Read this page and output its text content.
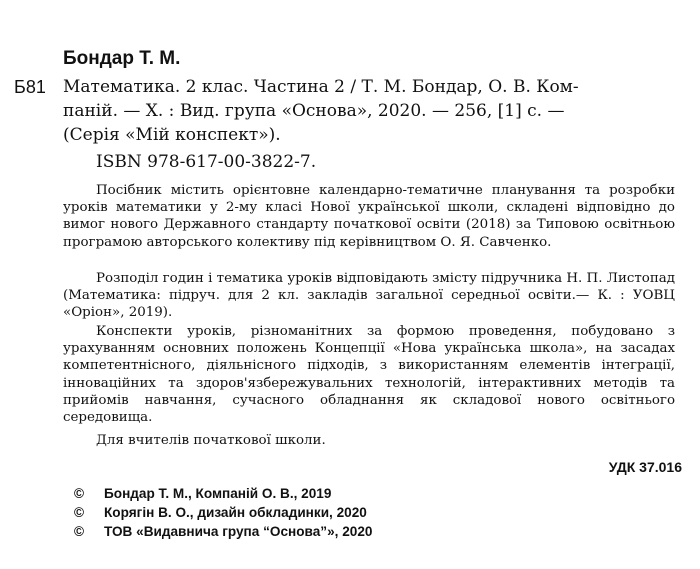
Бондар Т. М.
Б81 Математика. 2 клас. Частина 2 / Т. М. Бондар, О. В. Ком-
паній. — Х. : Вид. група «Основа», 2020. — 256, [1] с. —
(Серія «Мій конспект»).
ISBN 978-617-00-3822-7.
Посібник містить орієнтовне календарно-тематичне планування та розробки уроків математики у 2-му класі Нової української школи, складені відповідно до вимог нового Державного стандарту початкової освіти (2018) за Типовою освітньою програмою авторського колективу під керівництвом О. Я. Савченко.
Розподіл годин і тематика уроків відповідають змісту підручника Н. П. Листопад (Математика: підруч. для 2 кл. закладів загальної середньої освіти.— К. : УОВЦ «Оріон», 2019).
Конспекти уроків, різноманітних за формою проведення, побудовано з урахуванням основних положень Концепції «Нова українська школа», на засадах компетентнісного, діяльнісного підходів, з використанням елементів інтеграції, інноваційних та здоров'язбережувальних технологій, інтерактивних методів та прийомів навчання, сучасного обладнання як складової нового освітнього середовища.
Для вчителів початкової школи.
УДК 37.016
© Бондар Т. М., Компаній О. В., 2019
© Корягін В. О., дизайн обкладинки, 2020
© ТОВ «Видавнича група “Основа”», 2020
